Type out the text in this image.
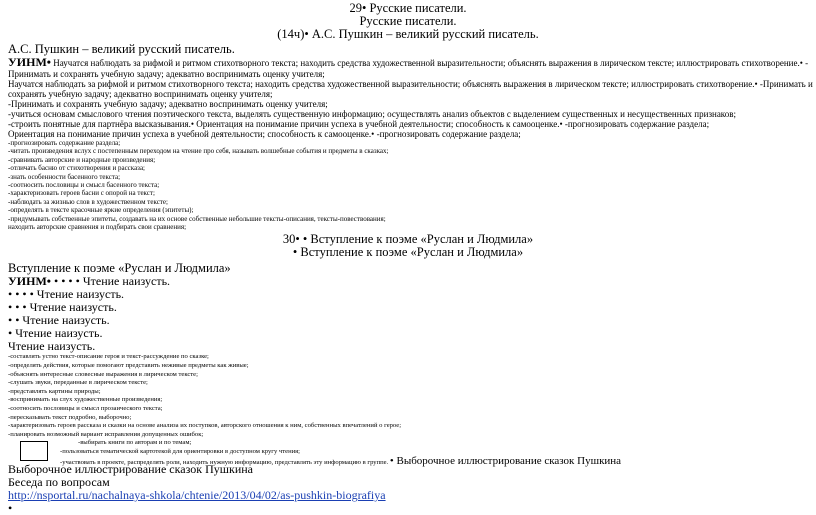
29• Русские писатели.
Русские писатели.
(14ч)• А.С. Пушкин – великий русский писатель.
А.С. Пушкин – великий русский писатель.
УИНМ• Научатся наблюдать за рифмой и ритмом стихотворного текста; находить средства художественной выразительности; объяснять выражения в лирическом тексте; иллюстрировать стихотворение.• -
Принимать и сохранять учебную задачу; адекватно воспринимать оценку учителя;
Научатся наблюдать за рифмой и ритмом стихотворного текста; находить средства художественной выразительности; объяснять выражения в лирическом тексте; иллюстрировать стихотворение.• -Принимать и
сохранять учебную задачу; адекватно воспринимать оценку учителя;
-Принимать и сохранять учебную задачу; адекватно воспринимать оценку учителя;
-учиться основам смыслового чтения поэтического текста, выделять существенную информацию; осуществлять анализ объектов с выделением существенных и несущественных признаков;
-строить понятные для партнёра высказывания.• Ориентация на понимание причин успеха в учебной деятельности; способность к самооценке.• -прогнозировать содержание раздела;
Ориентация на понимание причин успеха в учебной деятельности; способность к самооценке.• -прогнозировать содержание раздела;
-прогнозировать содержание раздела;
-читать произведения вслух с постепенным переходом на чтение про себя, называть волшебные события и предметы в сказках;
-сравнивать авторские и народные произведения;
-отличать басню от стихотворения и рассказа;
-знать особенности басенного текста;
-соотносить пословицы и смысл басенного текста;
-характеризовать героев басни с опорой на текст;
-наблюдать за жизнью слов в художественном тексте;
-определять в тексте красочные яркие определения (эпитеты);
-придумывать собственные эпитеты, создавать на их основе собственные небольшие тексты-описания, тексты-повествования;
находить авторские сравнения и подбирать свои сравнения;
30• • Вступление к поэме «Руслан и Людмила»
• Вступление к поэме «Руслан и Людмила»
Вступление к поэме «Руслан и Людмила»
УИНМ• • • • • Чтение наизусть.
• • • • Чтение наизусть.
• • • Чтение наизусть.
• • Чтение наизусть.
• Чтение наизусть.
Чтение наизусть.
-составлять устно текст-описание героя и текст-рассуждение по сказке;
-определять действия, которые помогают представить неживые предметы как живые;
-объяснять интересные словесные выражения в лирическом тексте;
-слушать звуки, переданные в лирическом тексте;
-представлять картины природы;
-воспринимать на слух художественные произведения;
-соотносить пословицы и смысл прозаического текста;
-пересказывать текст подробно, выборочно;
-характеризовать героев рассказа и сказки на основе анализа их поступков, авторского отношения к ним, собственных впечатлений о герое;
-планировать возможный вариант исправления допущенных ошибок;
-выбирать книги по авторам и по темам;
-пользоваться тематической картотекой для ориентировки в доступном кругу чтения;
-участвовать в проекте, распределять роли, находить нужную информацию, представлять эту информацию в группе. • Выборочное иллюстрирование сказок Пушкина
Выборочное иллюстрирование сказок Пушкина
Беседа по вопросам
http://nsportal.ru/nachalnaya-shkola/chtenie/2013/04/02/as-pushkin-biografiya
•
